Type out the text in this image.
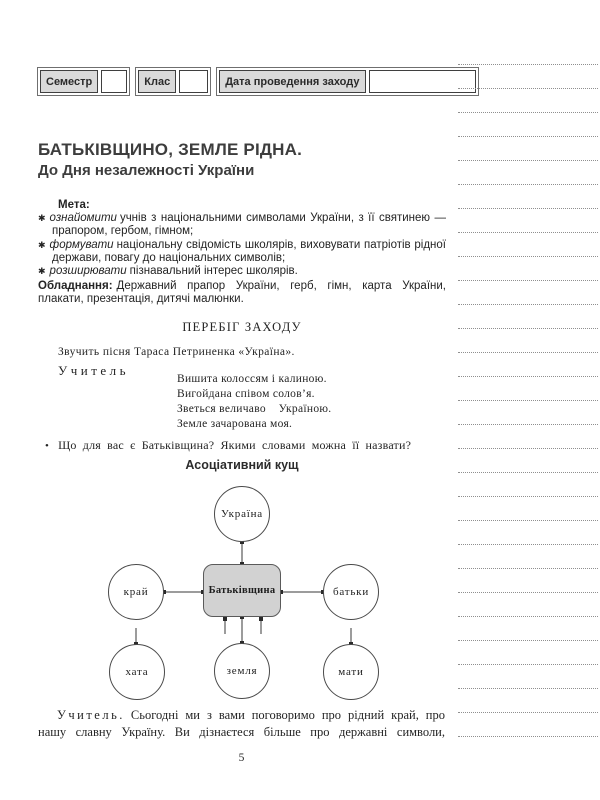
Семестр	Клас	Дата проведення заходу
БАТЬКІВЩИНО, ЗЕМЛЕ РІДНА.
До Дня незалежності України
Мета:
✱ ознайомити учнів з національними символами України, з її святинею — прапором, гербом, гімном;
✱ формувати національну свідомість школярів, виховувати патріотів рідної держави, повагу до національних символів;
✱ розширювати пізнавальний інтерес школярів.
Обладнання: Державний прапор України, герб, гімн, карта України, плакати, презентація, дитячі малюнки.
ПЕРЕБІГ ЗАХОДУ
Звучить пісня Тараса Петриненка «Україна».
Учитель
Вишита колоссям і калиною.
Вигойдана співом солов’я.
Зветься величаво    Україною.
Земле зачарована моя.
• Що для вас є Батьківщина? Якими словами можна її назвати?
Асоціативний кущ
Україна
край	батьки
хата	земля	мати
Батьківщина
Учитель. Сьогодні ми з вами поговоримо про рідний край, про нашу славну Україну. Ви дізнаєтеся більше про державні символи,
5
